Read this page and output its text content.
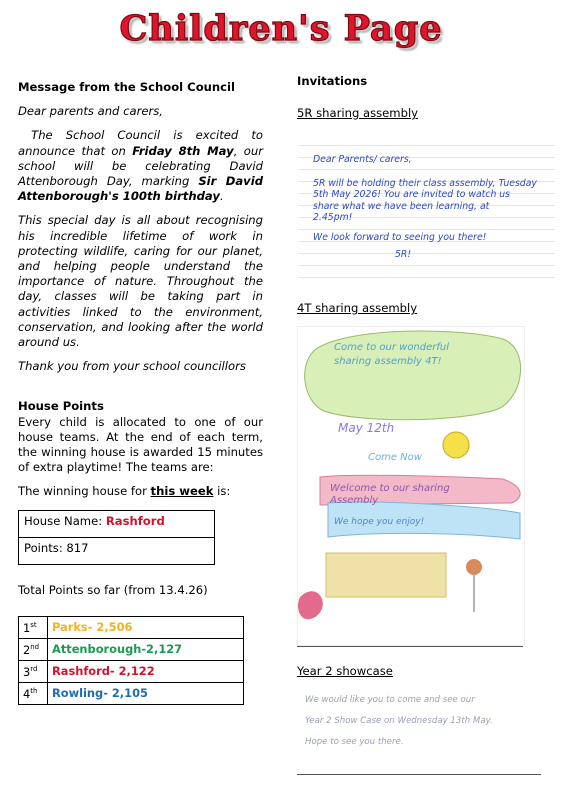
Children's Page

Message from the School Council

Dear parents and carers,

The School Council is excited to announce that on Friday 8th May, our school will be celebrating David Attenborough Day, marking Sir David Attenborough's 100th birthday.

This special day is all about recognising his incredible lifetime of work in protecting wildlife, caring for our planet, and helping people understand the importance of nature. Throughout the day, classes will be taking part in activities linked to the environment, conservation, and looking after the world around us.

Thank you from your school councillors

House Points

Every child is allocated to one of our house teams. At the end of each term, the winning house is awarded 15 minutes of extra playtime! The teams are:

The winning house for this week is:

House Name: Rashford
Points: 817

Total Points so far (from 13.4.26)

1st	Parks- 2,506
2nd	Attenborough-2,127
3rd	Rashford- 2,122
4th	Rowling- 2,105
Invitations
5R sharing assembly
Dear Parents/ carers,
5R will be holding their class assembly, Tuesday
5th May 2026! You are invited to watch us
share what we have been learning, at
2.45pm!
We look forward to seeing you there!
5R!
4T sharing assembly
Come to our wonderful sharing assembly 4T!
May 12th
Come Now
Welcome to our sharing Assembly
We hope you enjoy!
Year 2 showcase
We would like you to come and see our
Year 2 Show Case on Wednesday 13th May.
Hope to see you there.
